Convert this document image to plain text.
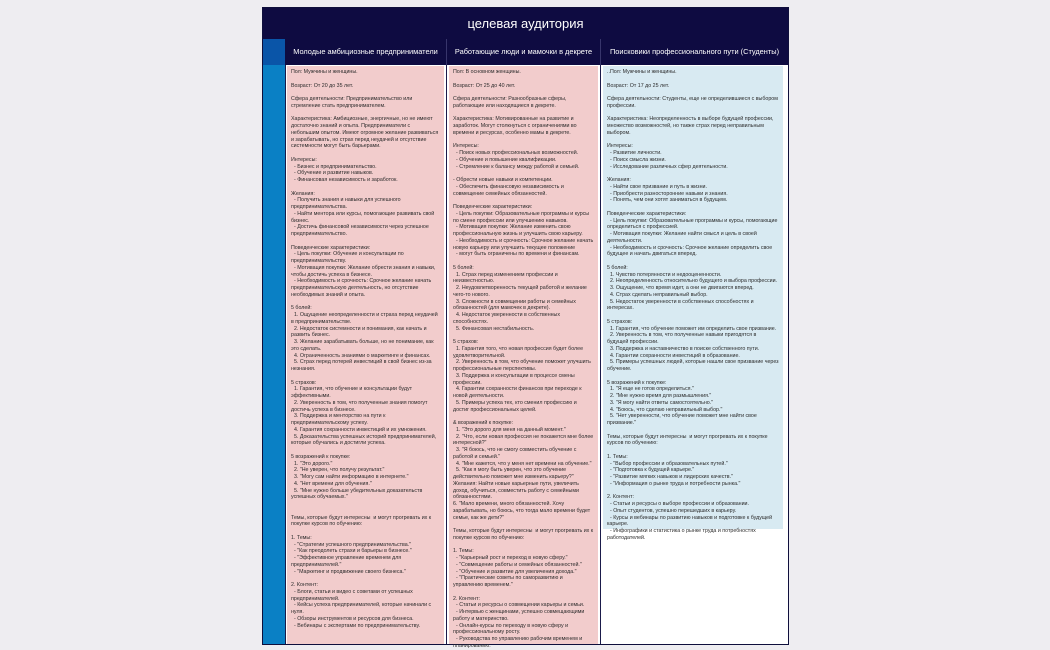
целевая аудитория
Молодые амбициозные предприниматели	Работающие люди и мамочки в декрете	Поисковики профессионального пути (Студенты)
Пол: Мужчины и женщины.

Возраст: От 20 до 35 лет.

Сфера деятельности: Предпринимательство или стремление стать предпринимателем.

Характеристика: Амбициозные, энергичные, но не имеют достаточно знаний и опыта. Предприниматели с небольшим опытом. Имеют огромное желание развиваться и зарабатывать, но страх перед неудачей и отсутствие системности могут быть барьерами.

Интересы:
- Бизнес и предпринимательство.
- Обучение и развитие навыков.
- Финансовая независимость и заработок.

Желания:
- Получить знания и навыки для успешного предпринимательства.
- Найти ментора или курсы, помогающие развивать свой бизнес.
- Достичь финансовой независимости через успешное предпринимательство.

Поведенческие характеристики:
- Цель покупки: Обучение и консультации по предпринимательству.
- Мотивация покупки: Желание обрести знания и навыки, чтобы достичь успеха в бизнесе.
- Необходимость и срочность: Срочное желание начать предпринимательскую деятельность, но отсутствие необходимых знаний и опыта.

5 болей:
1. Ощущение неопределенности и страха перед неудачей в предпринимательстве.
2. Недостаток системности и понимания, как начать и развить бизнес.
3. Желание зарабатывать больше, но не понимание, как это сделать.
4. Ограниченность знаниями о маркетинге и финансах.
5. Страх перед потерей инвестиций в свой бизнес из-за незнания.

5 страхов:
1. Гарантия, что обучение и консультации будут эффективными.
2. Уверенность в том, что полученные знания помогут достичь успеха в бизнесе.
3. Поддержка и менторство на пути к предпринимательскому успеху.
4. Гарантия сохранности инвестиций и их умножения.
5. Доказательства успешных историй предпринимателей, которые обучались и достигли успеха.

5 возражений к покупке:
1. "Это дорого."
2. "Не уверен, что получу результат."
3. "Могу сам найти информацию в интернете."
4. "Нет времени для обучения."
5. "Мне нужно больше убедительных доказательств успешных обучаемых."

Темы, которые будут интересны  и могут прогревать их к покупке курсов по обучению:

1. Темы:
- "Стратегии успешного предпринимательства."
- "Как преодолеть страхи и барьеры в бизнесе."
- "Эффективное управление временем для предпринимателей."
- "Маркетинг и продвижение своего бизнеса."

2. Контент:
- Блоги, статьи и видео с советами от успешных предпринимателей.
- Кейсы успеха предпринимателей, которые начинали с нуля.
- Обзоры инструментов и ресурсов для бизнеса.
- Вебинары с экспертами по предпринимательству.
Пол: В основном женщины.

Возраст: От 25 до 40 лет.

Сфера деятельности: Разнообразные сферы, работающие или находящиеся в декрете.

Характеристика: Мотивированные на развитие и заработок. Могут столкнуться с ограничениями во времени и ресурсах, особенно мамы в декрете.

Интересы:
- Поиск новых профессиональных возможностей.
- Обучение и повышение квалификации.
- Стремление к балансу между работой и семьей.

- Обрести новые навыки и компетенции.
- Обеспечить финансовую независимость и совмещение семейных обязанностей.

Поведенческие характеристики:
- Цель покупки: Образовательные программы и курсы по смене профессии или улучшению навыков.
- Мотивация покупки: Желание изменить свою профессиональную жизнь и улучшить свою карьеру.
- Необходимость и срочность: Срочное желание начать новую карьеру или улучшить текущее положение
- могут быть ограничены по времени и финансам.

5 болей:
1. Страх перед изменением профессии и неизвестностью.
2. Неудовлетворенность текущей работой и желание чего-то нового.
3. Сложности в совмещении работы и семейных обязанностей (для мамочек в декрете).
4. Недостаток уверенности в собственных способностях.
5. Финансовая нестабильность.

5 страхов:
1. Гарантия того, что новая профессия будет более удовлетворительной.
2. Уверенность в том, что обучение поможет улучшить профессиональные перспективы.
3. Поддержка и консультации в процессе смены профессии.
4. Гарантии сохранности финансов при переходе к новой деятельности.
5. Примеры успеха тех, кто сменил профессию и достиг профессиональных целей.

& возражений к покупке:
1. "Это дорого для меня на данный момент."
2. "Что, если новая профессия не покажется мне более интересной?"
3. "Я боюсь, что не смогу совместить обучение с работой и семьей."
4. "Мне кажется, что у меня нет времени на обучение."
5. "Как я могу быть уверен, что это обучение действительно поможет мне изменить карьеру?"
Желания: Найти новые карьерные пути, увеличить доход, обучиться, совместить работу с семейными обязанностями.
6. "Мало времени, много обязанностей. Хочу зарабатывать, но боюсь, что тогда мало времени будет семье, как же дети?"

Темы, которые будут интересны  и могут прогревать их к покупке курсов по обучению:

1. Темы:
- "Карьерный рост и переход в новую сферу."
- "Совмещение работы и семейных обязанностей."
- "Обучение и развитие для увеличения дохода."
- "Практические советы по саморазвитию и управлению временем."

2. Контент:
- Статьи и ресурсы о совмещении карьеры и семьи.
- Интервью с женщинами, успешно совмещающими работу и материнство.
- Онлайн-курсы по переходу в новую сферу и профессиональному росту.
- Руководства по управлению рабочим временем и планированию.
..Пол: Мужчины и женщины.

Возраст: От 17 до 25 лет.

Сфера деятельности: Студенты, еще не определившиеся с выбором профессии.

Характеристика: Неопределенность в выборе будущей профессии, множество возможностей, но также страх перед неправильным выбором.

Интересы:
- Развитие личности.
- Поиск смысла жизни.
- Исследование различных сфер деятельности.

Желания:
- Найти свое призвание и путь в жизни.
- Приобрести разносторонние навыки и знания.
- Понять, чем они хотят заниматься в будущем.

Поведенческие характеристики:
- Цель покупки: Образовательные программы и курсы, помогающие определиться с профессией.
- Мотивация покупки: Желание найти смысл и цель в своей деятельности.
- Необходимость и срочность: Срочное желание определить свое будущее и начать двигаться вперед.

5 болей:
1. Чувство потерянности и недооцененности.
2. Неопределенность относительно будущего и выбора профессии.
3. Ощущение, что время идет, а они не двигаются вперед.
4. Страх сделать неправильный выбор.
5. Недостаток уверенности в собственных способностях и интересах.

5 страхов:
1. Гарантия, что обучение поможет им определить свое призвание.
2. Уверенность в том, что полученные навыки пригодятся в будущей профессии.
3. Поддержка и наставничество в поиске собственного пути.
4. Гарантии сохранности инвестиций в образование.
5. Примеры успешных людей, которые нашли свое призвание через обучение.

5 возражений к покупке:
1. "Я еще не готов определиться."
2. "Мне нужно время для размышления."
3. "Я могу найти ответы самостоятельно."
4. "Боюсь, что сделаю неправильный выбор."
5. "Нет уверенности, что обучение поможет мне найти свое призвание."

Темы, которые будут интересны  и могут прогревать их к покупке курсов по обучению:

1. Темы:
- "Выбор профессии и образовательных путей."
- "Подготовка к будущей карьере."
- "Развитие мягких навыков и лидерских качеств."
- "Информация о рынке труда и потребности рынка."

2. Контент:
- Статьи и ресурсы о выборе профессии и образовании.
- Опыт студентов, успешно перешедших в карьеру.
- Курсы и вебинары по развитию навыков и подготовке к будущей карьере.
- Инфографики и статистика о рынке труда и потребностях работодателей.
